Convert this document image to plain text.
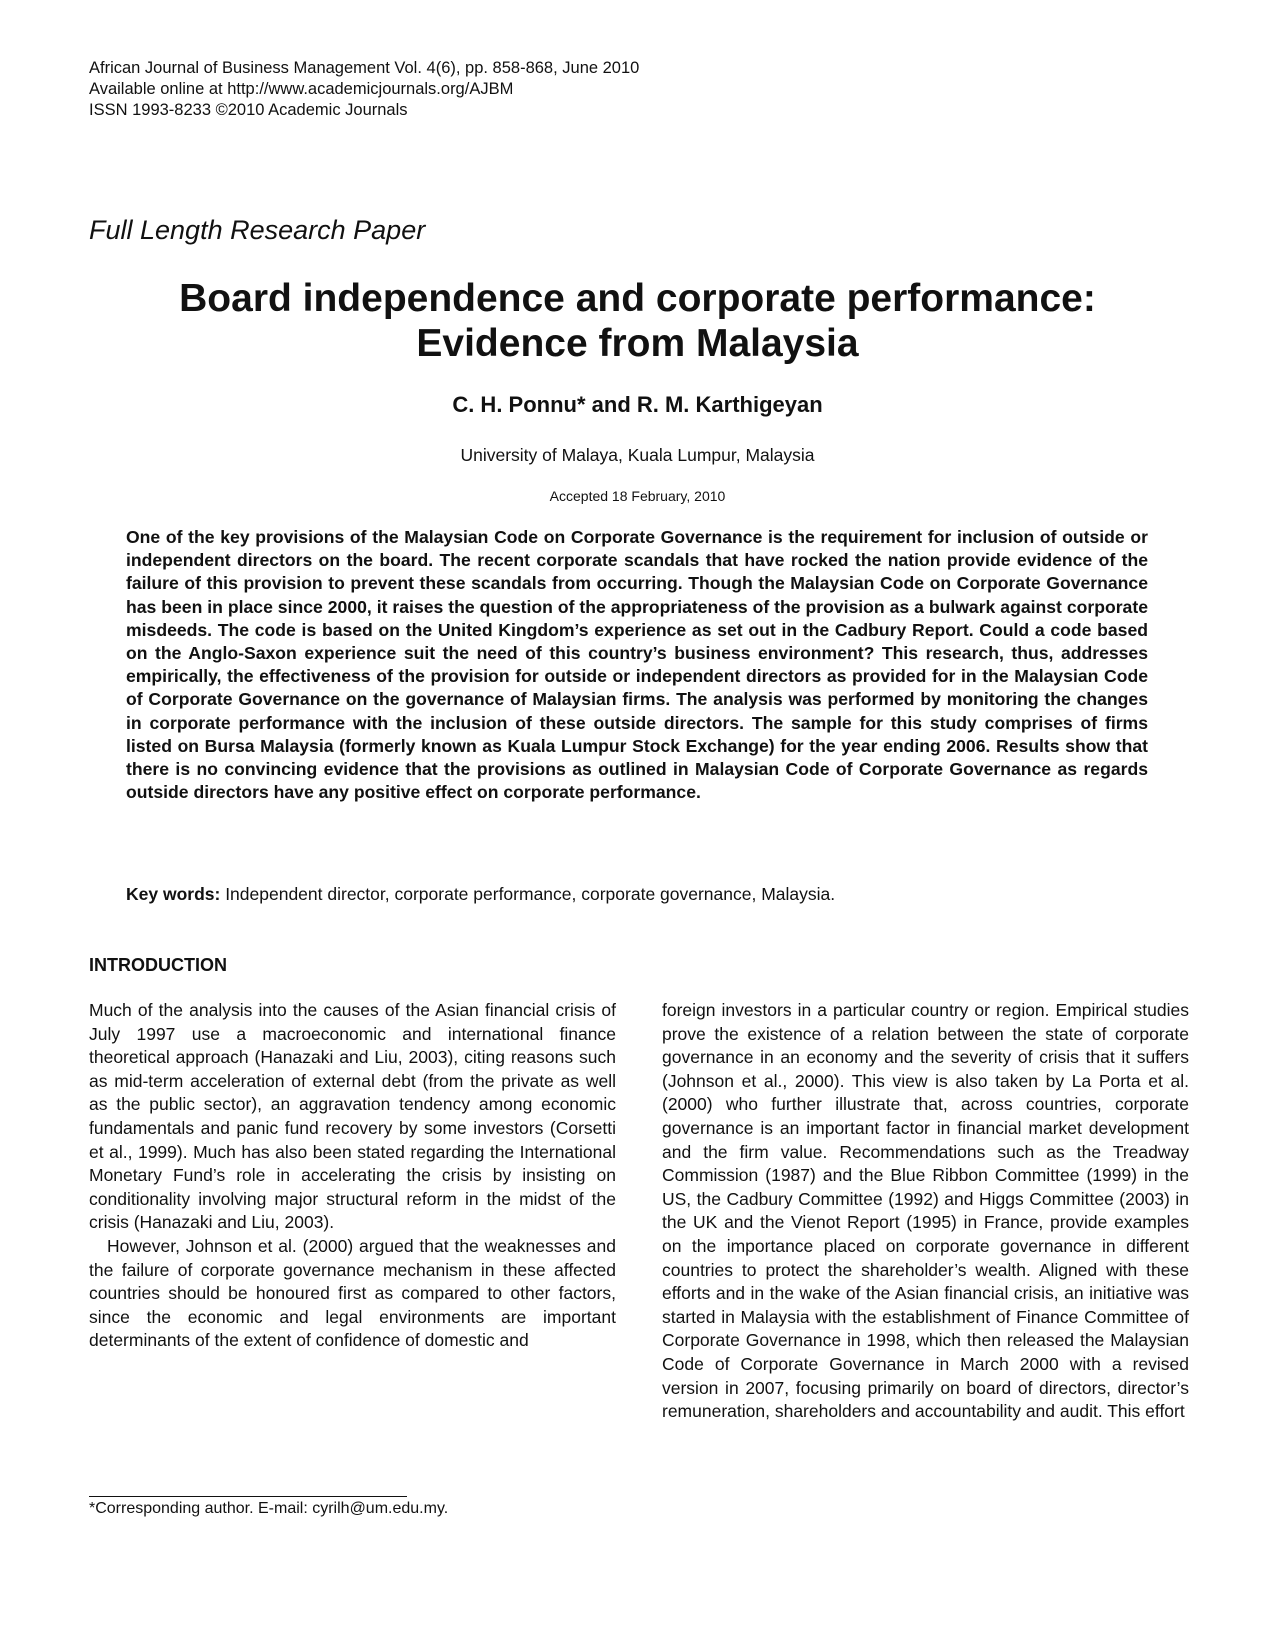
African Journal of Business Management Vol. 4(6), pp. 858-868, June 2010
Available online at http://www.academicjournals.org/AJBM
ISSN 1993-8233 ©2010 Academic Journals
Full Length Research Paper
Board independence and corporate performance:
Evidence from Malaysia
C. H. Ponnu* and R. M. Karthigeyan
University of Malaya, Kuala Lumpur, Malaysia
Accepted 18 February, 2010

One of the key provisions of the Malaysian Code on Corporate Governance is the requirement for inclusion of outside or independent directors on the board. The recent corporate scandals that have rocked the nation provide evidence of the failure of this provision to prevent these scandals from occurring. Though the Malaysian Code on Corporate Governance has been in place since 2000, it raises the question of the appropriateness of the provision as a bulwark against corporate misdeeds. The code is based on the United Kingdom’s experience as set out in the Cadbury Report. Could a code based on the Anglo-Saxon experience suit the need of this country’s business environment? This research, thus, addresses empirically, the effectiveness of the provision for outside or independent directors as provided for in the Malaysian Code of Corporate Governance on the governance of Malaysian firms. The analysis was performed by monitoring the changes in corporate performance with the inclusion of these outside directors. The sample for this study comprises of firms listed on Bursa Malaysia (formerly known as Kuala Lumpur Stock Exchange) for the year ending 2006. Results show that there is no convincing evidence that the provisions as outlined in Malaysian Code of Corporate Governance as regards outside directors have any positive effect on corporate performance.

Key words: Independent director, corporate performance, corporate governance, Malaysia.
INTRODUCTION

Much of the analysis into the causes of the Asian financial crisis of July 1997 use a macroeconomic and international finance theoretical approach (Hanazaki and Liu, 2003), citing reasons such as mid-term acceleration of external debt (from the private as well as the public sector), an aggravation tendency among economic fundamentals and panic fund recovery by some investors (Corsetti et al., 1999). Much has also been stated regarding the International Monetary Fund’s role in accelerating the crisis by insisting on conditionality involving major structural reform in the midst of the crisis (Hanazaki and Liu, 2003).

However, Johnson et al. (2000) argued that the weaknesses and the failure of corporate governance mechanism in these affected countries should be honoured first as compared to other factors, since the economic and legal environments are important determinants of the extent of confidence of domestic and

foreign investors in a particular country or region. Empirical studies prove the existence of a relation between the state of corporate governance in an economy and the severity of crisis that it suffers (Johnson et al., 2000). This view is also taken by La Porta et al. (2000) who further illustrate that, across countries, corporate governance is an important factor in financial market development and the firm value. Recommendations such as the Treadway Commission (1987) and the Blue Ribbon Committee (1999) in the US, the Cadbury Committee (1992) and Higgs Committee (2003) in the UK and the Vienot Report (1995) in France, provide examples on the importance placed on corporate governance in different countries to protect the shareholder’s wealth. Aligned with these efforts and in the wake of the Asian financial crisis, an initiative was started in Malaysia with the establishment of Finance Committee of Corporate Governance in 1998, which then released the Malaysian Code of Corporate Governance in March 2000 with a revised version in 2007, focusing primarily on board of directors, director’s remuneration, shareholders and accountability and audit. This effort

*Corresponding author. E-mail: cyrilh@um.edu.my.
